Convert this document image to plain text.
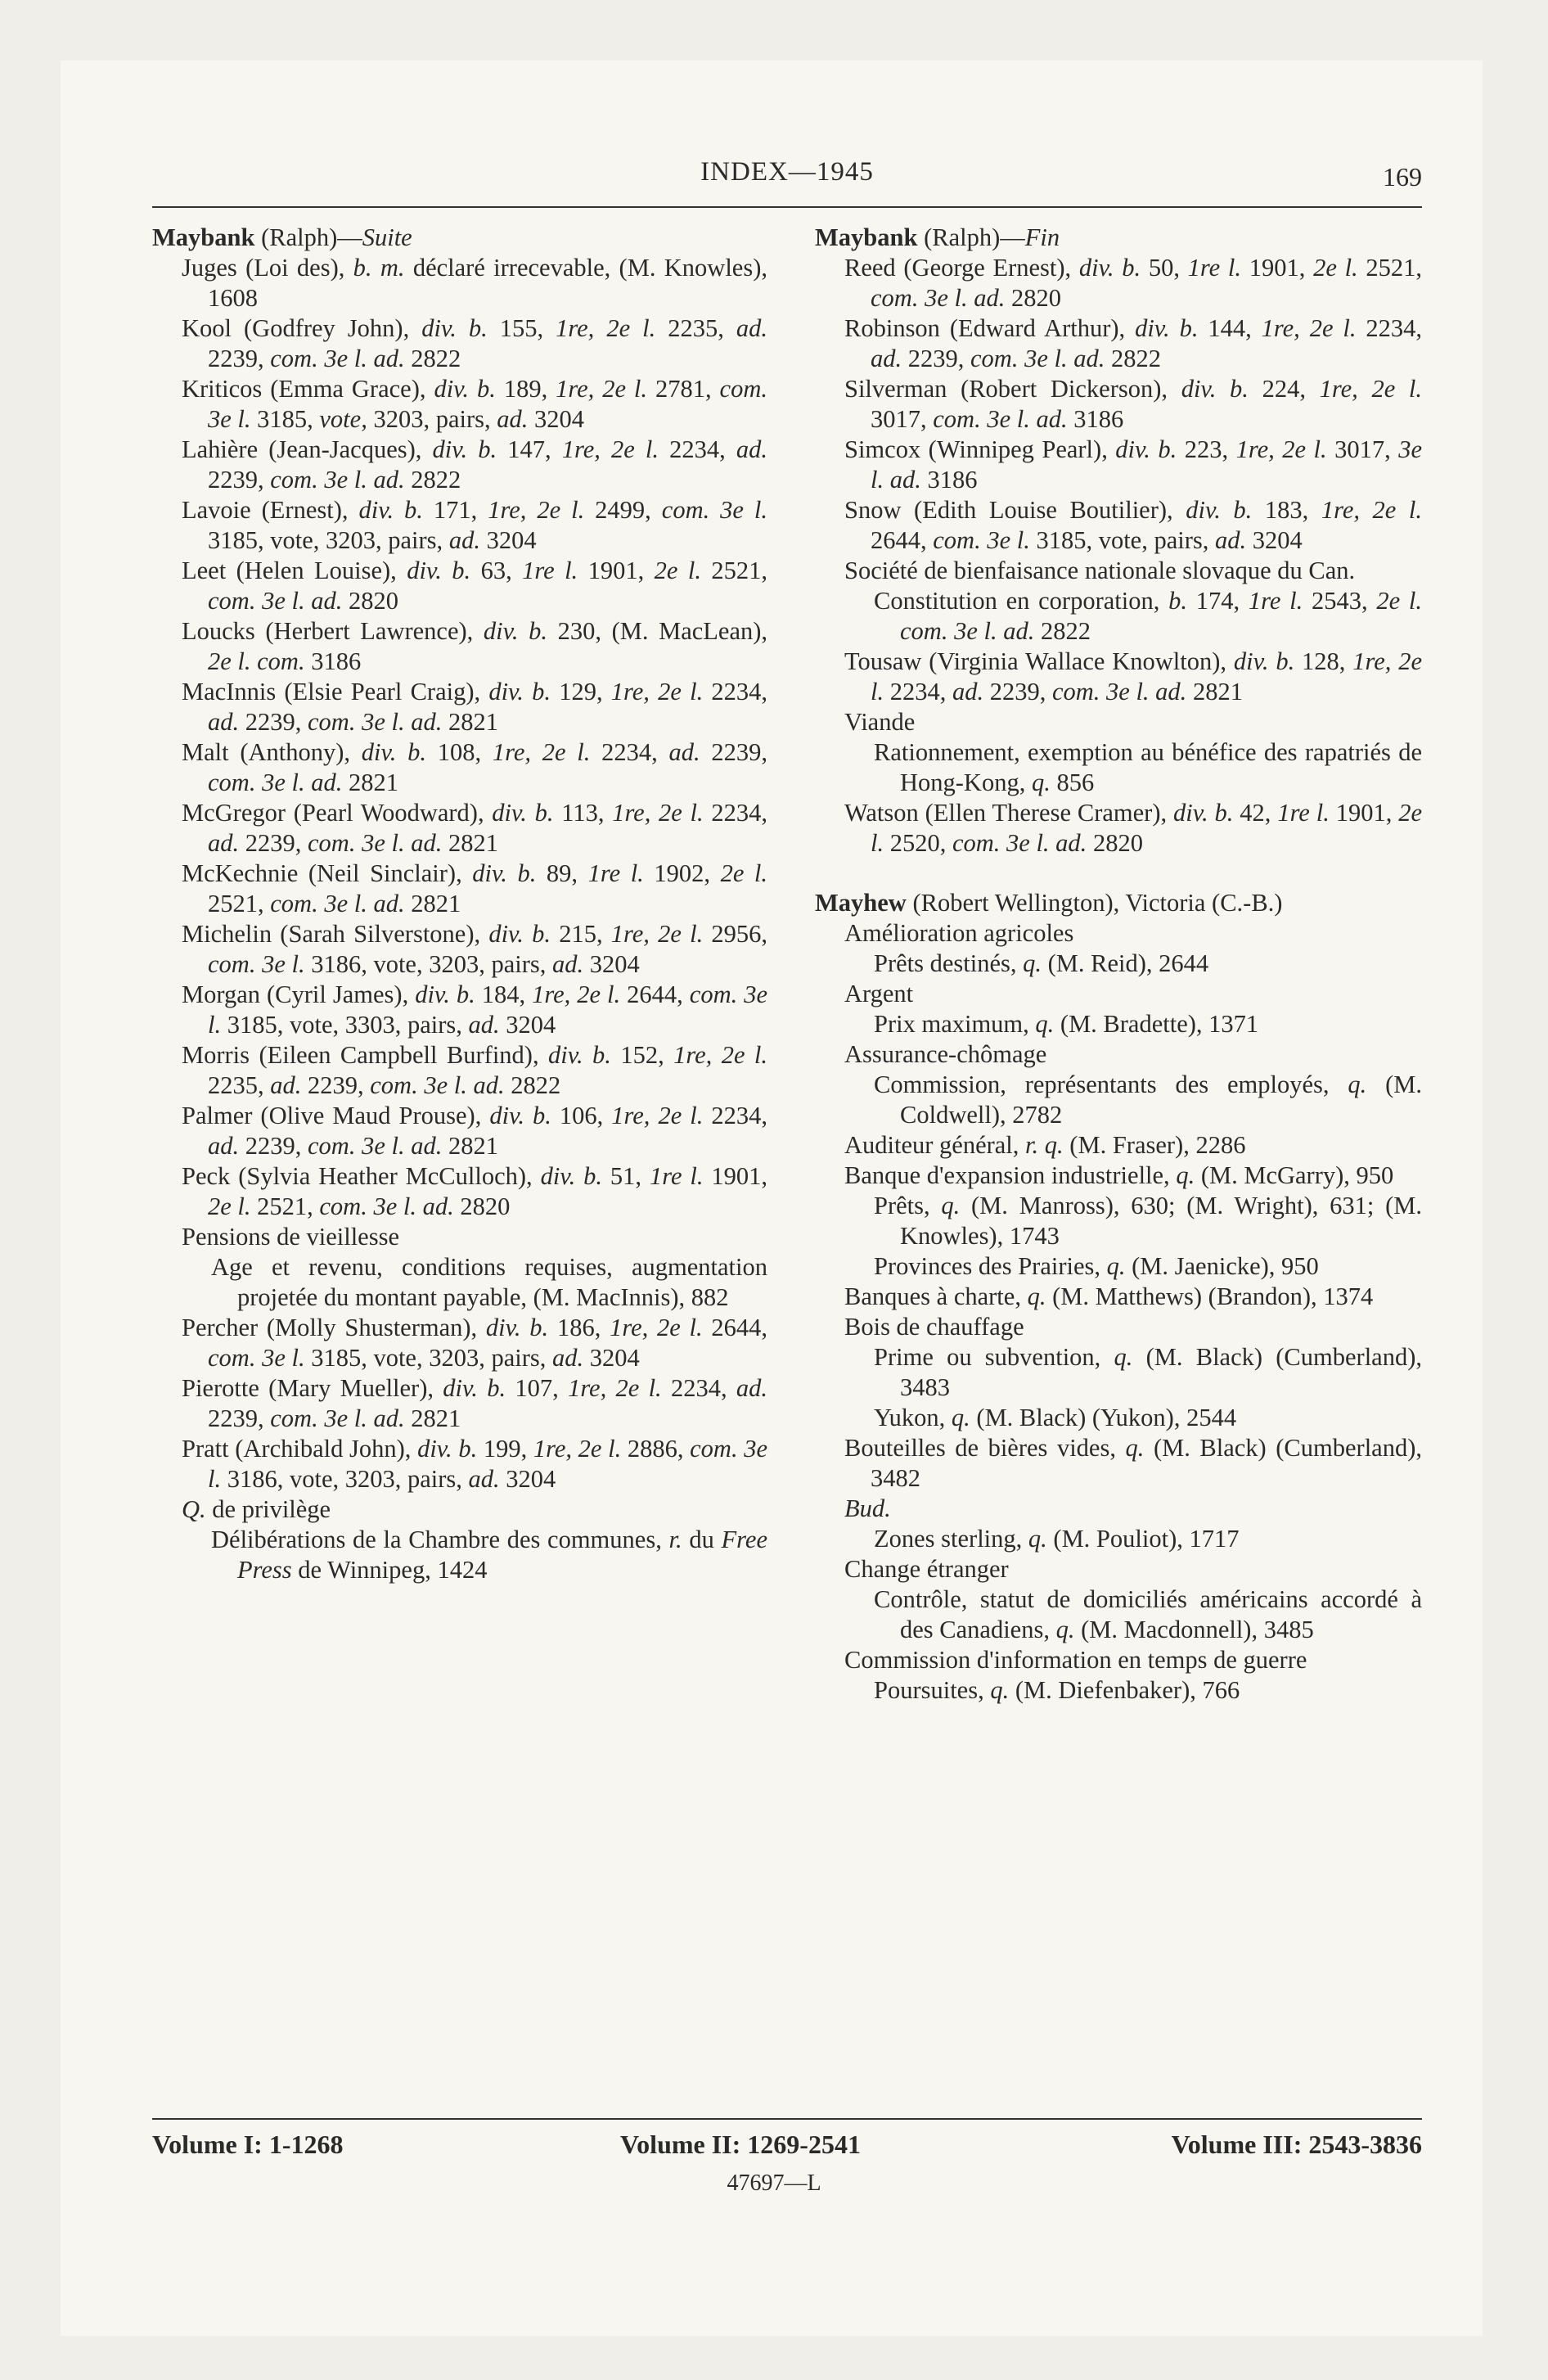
INDEX—1945	169

Maybank (Ralph)—Suite

Juges (Loi des), b. m. déclaré irrecevable, (M. Knowles), 1608

Kool (Godfrey John), div. b. 155, 1re, 2e l. 2235, ad. 2239, com. 3e l. ad. 2822

Kriticos (Emma Grace), div. b. 189, 1re, 2e l. 2781, com. 3e l. 3185, vote, 3203, pairs, ad. 3204

Lahière (Jean-Jacques), div. b. 147, 1re, 2e l. 2234, ad. 2239, com. 3e l. ad. 2822

Lavoie (Ernest), div. b. 171, 1re, 2e l. 2499, com. 3e l. 3185, vote, 3203, pairs, ad. 3204

Leet (Helen Louise), div. b. 63, 1re l. 1901, 2e l. 2521, com. 3e l. ad. 2820

Loucks (Herbert Lawrence), div. b. 230, (M. MacLean), 2e l. com. 3186

MacInnis (Elsie Pearl Craig), div. b. 129, 1re, 2e l. 2234, ad. 2239, com. 3e l. ad. 2821

Malt (Anthony), div. b. 108, 1re, 2e l. 2234, ad. 2239, com. 3e l. ad. 2821

McGregor (Pearl Woodward), div. b. 113, 1re, 2e l. 2234, ad. 2239, com. 3e l. ad. 2821

McKechnie (Neil Sinclair), div. b. 89, 1re l. 1902, 2e l. 2521, com. 3e l. ad. 2821

Michelin (Sarah Silverstone), div. b. 215, 1re, 2e l. 2956, com. 3e l. 3186, vote, 3203, pairs, ad. 3204

Morgan (Cyril James), div. b. 184, 1re, 2e l. 2644, com. 3e l. 3185, vote, 3303, pairs, ad. 3204

Morris (Eileen Campbell Burfind), div. b. 152, 1re, 2e l. 2235, ad. 2239, com. 3e l. ad. 2822

Palmer (Olive Maud Prouse), div. b. 106, 1re, 2e l. 2234, ad. 2239, com. 3e l. ad. 2821

Peck (Sylvia Heather McCulloch), div. b. 51, 1re l. 1901, 2e l. 2521, com. 3e l. ad. 2820

Pensions de vieillesse

Age et revenu, conditions requises, augmentation projetée du montant payable, (M. MacInnis), 882

Percher (Molly Shusterman), div. b. 186, 1re, 2e l. 2644, com. 3e l. 3185, vote, 3203, pairs, ad. 3204

Pierotte (Mary Mueller), div. b. 107, 1re, 2e l. 2234, ad. 2239, com. 3e l. ad. 2821

Pratt (Archibald John), div. b. 199, 1re, 2e l. 2886, com. 3e l. 3186, vote, 3203, pairs, ad. 3204

Q. de privilège

Délibérations de la Chambre des communes, r. du Free Press de Winnipeg, 1424

Maybank (Ralph)—Fin

Reed (George Ernest), div. b. 50, 1re l. 1901, 2e l. 2521, com. 3e l. ad. 2820

Robinson (Edward Arthur), div. b. 144, 1re, 2e l. 2234, ad. 2239, com. 3e l. ad. 2822

Silverman (Robert Dickerson), div. b. 224, 1re, 2e l. 3017, com. 3e l. ad. 3186

Simcox (Winnipeg Pearl), div. b. 223, 1re, 2e l. 3017, 3e l. ad. 3186

Snow (Edith Louise Boutilier), div. b. 183, 1re, 2e l. 2644, com. 3e l. 3185, vote, pairs, ad. 3204

Société de bienfaisance nationale slovaque du Can.

Constitution en corporation, b. 174, 1re l. 2543, 2e l. com. 3e l. ad. 2822

Tousaw (Virginia Wallace Knowlton), div. b. 128, 1re, 2e l. 2234, ad. 2239, com. 3e l. ad. 2821

Viande

Rationnement, exemption au bénéfice des rapatriés de Hong-Kong, q. 856

Watson (Ellen Therese Cramer), div. b. 42, 1re l. 1901, 2e l. 2520, com. 3e l. ad. 2820

Mayhew (Robert Wellington), Victoria (C.-B.)

Amélioration agricoles

Prêts destinés, q. (M. Reid), 2644

Argent

Prix maximum, q. (M. Bradette), 1371

Assurance-chômage

Commission, représentants des employés, q. (M. Coldwell), 2782

Auditeur général, r. q. (M. Fraser), 2286

Banque d'expansion industrielle, q. (M. McGarry), 950

Prêts, q. (M. Manross), 630; (M. Wright), 631; (M. Knowles), 1743

Provinces des Prairies, q. (M. Jaenicke), 950

Banques à charte, q. (M. Matthews) (Brandon), 1374

Bois de chauffage

Prime ou subvention, q. (M. Black) (Cumberland), 3483

Yukon, q. (M. Black) (Yukon), 2544

Bouteilles de bières vides, q. (M. Black) (Cumberland), 3482

Bud.

Zones sterling, q. (M. Pouliot), 1717

Change étranger

Contrôle, statut de domiciliés américains accordé à des Canadiens, q. (M. Macdonnell), 3485

Commission d'information en temps de guerre

Poursuites, q. (M. Diefenbaker), 766

Volume I: 1-1268	Volume II: 1269-2541	Volume III: 2543-3836
47697—L
